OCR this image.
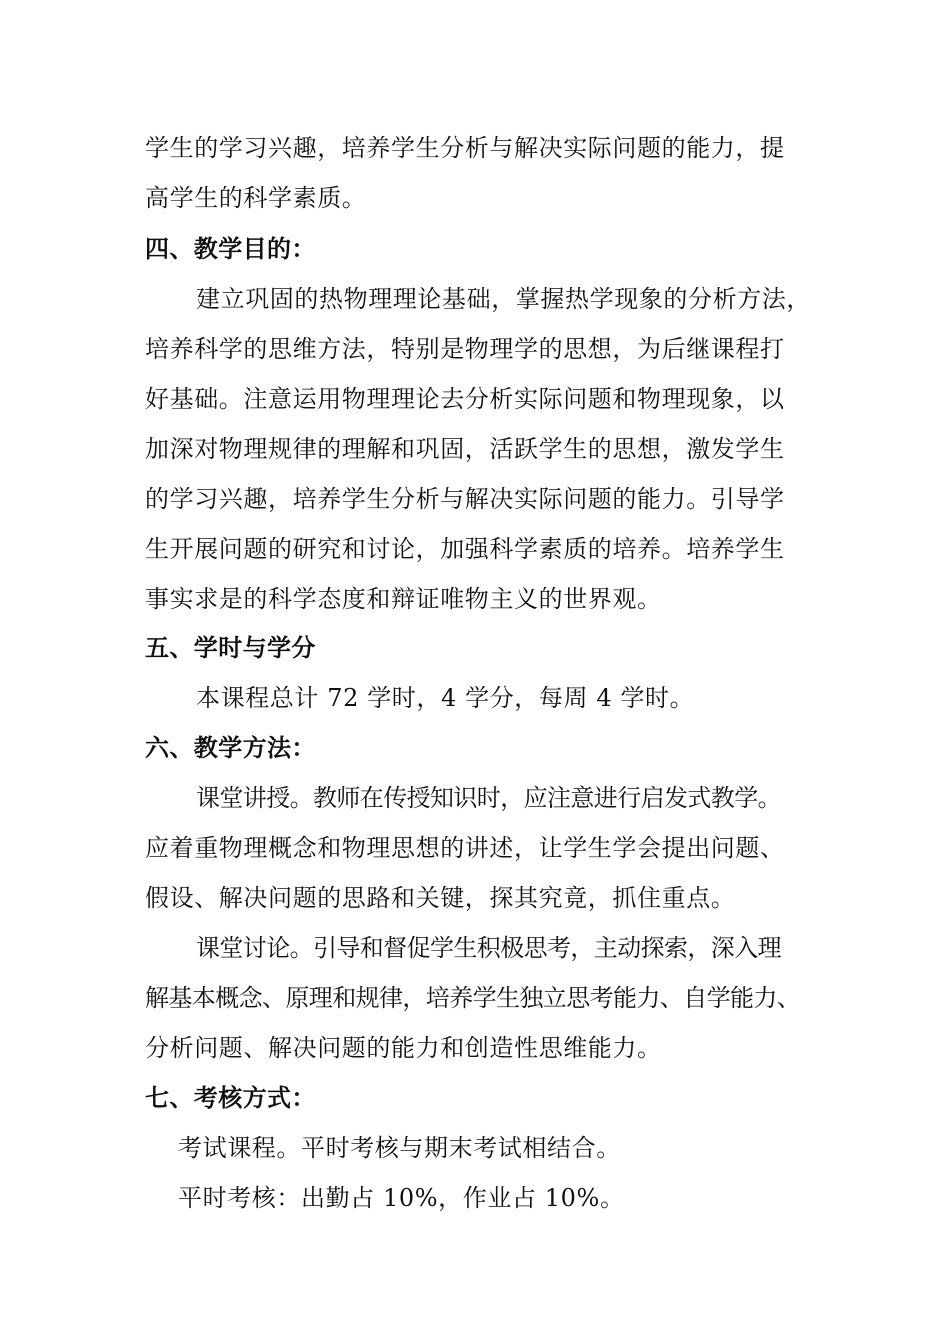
学生的学习兴趣，培养学生分析与解决实际问题的能力，提
高学生的科学素质。
四、教学目的：
建立巩固的热物理理论基础，掌握热学现象的分析方法，
培养科学的思维方法，特别是物理学的思想，为后继课程打
好基础。注意运用物理理论去分析实际问题和物理现象，以
加深对物理规律的理解和巩固，活跃学生的思想，激发学生
的学习兴趣，培养学生分析与解决实际问题的能力。引导学
生开展问题的研究和讨论，加强科学素质的培养。培养学生
事实求是的科学态度和辩证唯物主义的世界观。
五、学时与学分
本课程总计 72 学时，4 学分，每周 4 学时。
六、教学方法：
课堂讲授。教师在传授知识时，应注意进行启发式教学。
应着重物理概念和物理思想的讲述，让学生学会提出问题、
假设、解决问题的思路和关键，探其究竟，抓住重点。
课堂讨论。引导和督促学生积极思考，主动探索，深入理
解基本概念、原理和规律，培养学生独立思考能力、自学能力、
分析问题、解决问题的能力和创造性思维能力。
七、考核方式：
考试课程。平时考核与期末考试相结合。
平时考核：出勤占 10%，作业占 10%。
